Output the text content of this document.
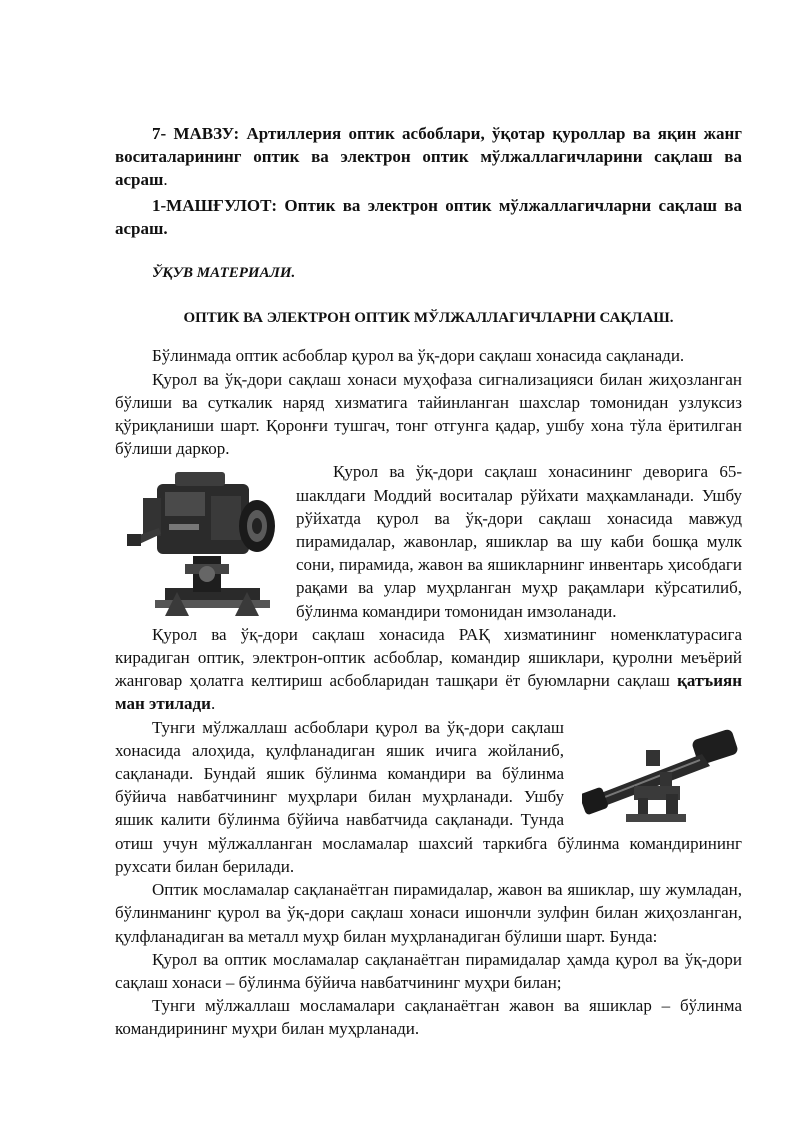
7- МАВЗУ: Артиллерия оптик асбоблари, ўқотар қуроллар ва яқин жанг воситаларининг оптик ва электрон оптик мўлжаллагичларини сақлаш ва асраш.

1-МАШҒУЛОТ: Оптик ва электрон оптик мўлжаллагичларни сақлаш ва асраш.

ЎҚУВ МАТЕРИАЛИ.

ОПТИК ВА ЭЛЕКТРОН ОПТИК МЎЛЖАЛЛАГИЧЛАРНИ САҚЛАШ.

Бўлинмада оптик асбоблар қурол ва ўқ-дори сақлаш хонасида сақланади.

Қурол ва ўқ-дори сақлаш хонаси муҳофаза сигнализацияси билан жиҳозланган бўлиши ва суткалик наряд хизматига тайинланган шахслар томонидан узлуксиз қўриқланиши шарт. Қоронғи тушгач, тонг отгунга қадар, ушбу хона тўла ёритилган бўлиши даркор.

Қурол ва ўқ-дори сақлаш хонасининг деворига 65-шаклдаги Моддий воситалар рўйхати маҳкамланади. Ушбу рўйхатда қурол ва ўқ-дори сақлаш хонасида мавжуд пирамидалар, жавонлар, яшиклар ва шу каби бошқа мулк сони, пирамида, жавон ва яшикларнинг инвентарь ҳисобдаги рақами ва улар муҳрланган муҳр рақамлари кўрсатилиб, бўлинма командири томонидан имзоланади.

Қурол ва ўқ-дори сақлаш хонасида РАҚ хизматининг номенклатурасига кирадиган оптик, электрон-оптик асбоблар, командир яшиклари, қуролни меъёрий жанговар ҳолатга келтириш асбобларидан ташқари ёт буюмларни сақлаш қатъиян ман этилади.

Тунги мўлжаллаш асбоблари қурол ва ўқ-дори сақлаш хонасида алоҳида, қулфланадиган яшик ичига жойланиб, сақланади. Бундай яшик бўлинма командири ва бўлинма бўйича навбатчининг муҳрлари билан муҳрланади. Ушбу яшик калити бўлинма бўйича навбатчида сақланади. Тунда отиш учун мўлжалланган мосламалар шахсий таркибга бўлинма командирининг рухсати билан берилади.

Оптик мосламалар сақланаётган пирамидалар, жавон ва яшиклар, шу жумладан, бўлинманинг қурол ва ўқ-дори сақлаш хонаси ишончли зулфин билан жиҳозланган, қулфланадиган ва металл муҳр билан муҳрланадиган бўлиши шарт. Бунда:

Қурол ва оптик мосламалар сақланаётган пирамидалар ҳамда қурол ва ўқ-дори сақлаш хонаси – бўлинма бўйича навбатчининг муҳри билан;

Тунги мўлжаллаш мосламалари сақланаётган жавон ва яшиклар – бўлинма командирининг муҳри билан муҳрланади.
